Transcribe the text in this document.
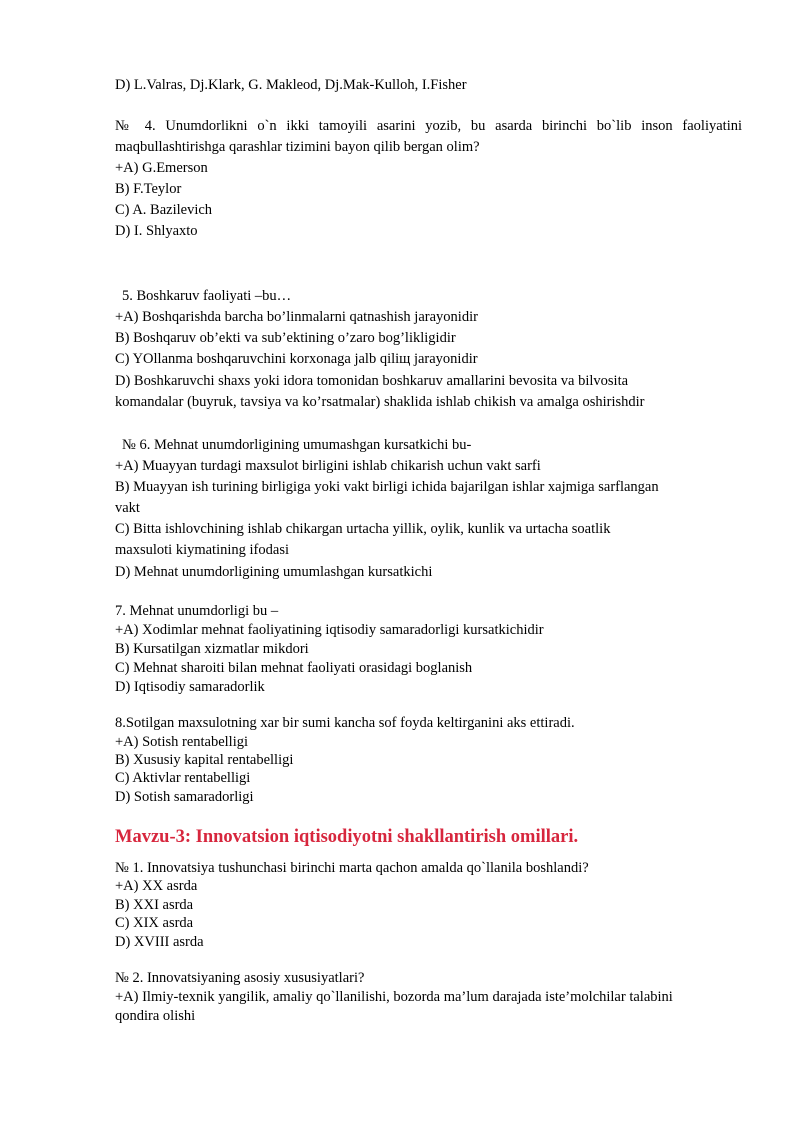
D) L.Valras, Dj.Klark, G. Makleod, Dj.Mak-Kulloh, I.Fisher
№ 4. Unumdorlikni o`n ikki tamoyili asarini yozib, bu asarda birinchi bo`lib inson faoliyatini
maqbullashtirishga qarashlar tizimini bayon qilib bergan olim?
+A) G.Emerson
B) F.Teylor
C) A. Bazilevich
D) I. Shlyaxto
5. Boshkaruv faoliyati –bu…
+A) Boshqarishda barcha bo’linmalarni qatnashish jarayonidir
B) Boshqaruv ob’ekti va sub’ektining o’zaro bog’likligidir
C) YOllanma boshqaruvchini korxonaga jalb qiliщ jarayonidir
D) Boshkaruvchi shaxs yoki idora tomonidan boshkaruv amallarini bevosita va bilvosita
komandalar (buyruk, tavsiya va ko’rsatmalar) shaklida ishlab chikish va amalga oshirishdir
№ 6. Mehnat unumdorligining umumashgan kursatkichi bu-
+A) Muayyan turdagi maxsulot birligini ishlab chikarish uchun vakt sarfi
B) Muayyan ish turining birligiga yoki vakt birligi ichida bajarilgan ishlar xajmiga sarflangan
vakt
C) Bitta ishlovchining ishlab chikargan urtacha yillik, oylik, kunlik va urtacha soatlik
maxsuloti kiymatining ifodasi
D) Mehnat unumdorligining umumlashgan kursatkichi
7. Mehnat unumdorligi bu –
+A) Xodimlar mehnat faoliyatining iqtisodiy samaradorligi kursatkichidir
B) Kursatilgan xizmatlar mikdori
C) Mehnat sharoiti bilan mehnat faoliyati orasidagi boglanish
D) Iqtisodiy samaradorlik
8.Sotilgan maxsulotning xar bir sumi kancha sof foyda keltirganini aks ettiradi.
+A) Sotish rentabelligi
B) Xususiy kapital rentabelligi
C) Aktivlar rentabelligi
D) Sotish samaradorligi
Mavzu-3: Innovatsion iqtisodiyotni shakllantirish omillari.
№ 1. Innovatsiya tushunchasi birinchi marta qachon amalda qo`llanila boshlandi?
+A) XX asrda
B) XXI asrda
C) XIX asrda
D) XVIII asrda
№ 2. Innovatsiyaning asosiy xususiyatlari?
+A) Ilmiy-texnik yangilik, amaliy qo`llanilishi, bozorda ma’lum darajada iste’molchilar talabini
qondira olishi
